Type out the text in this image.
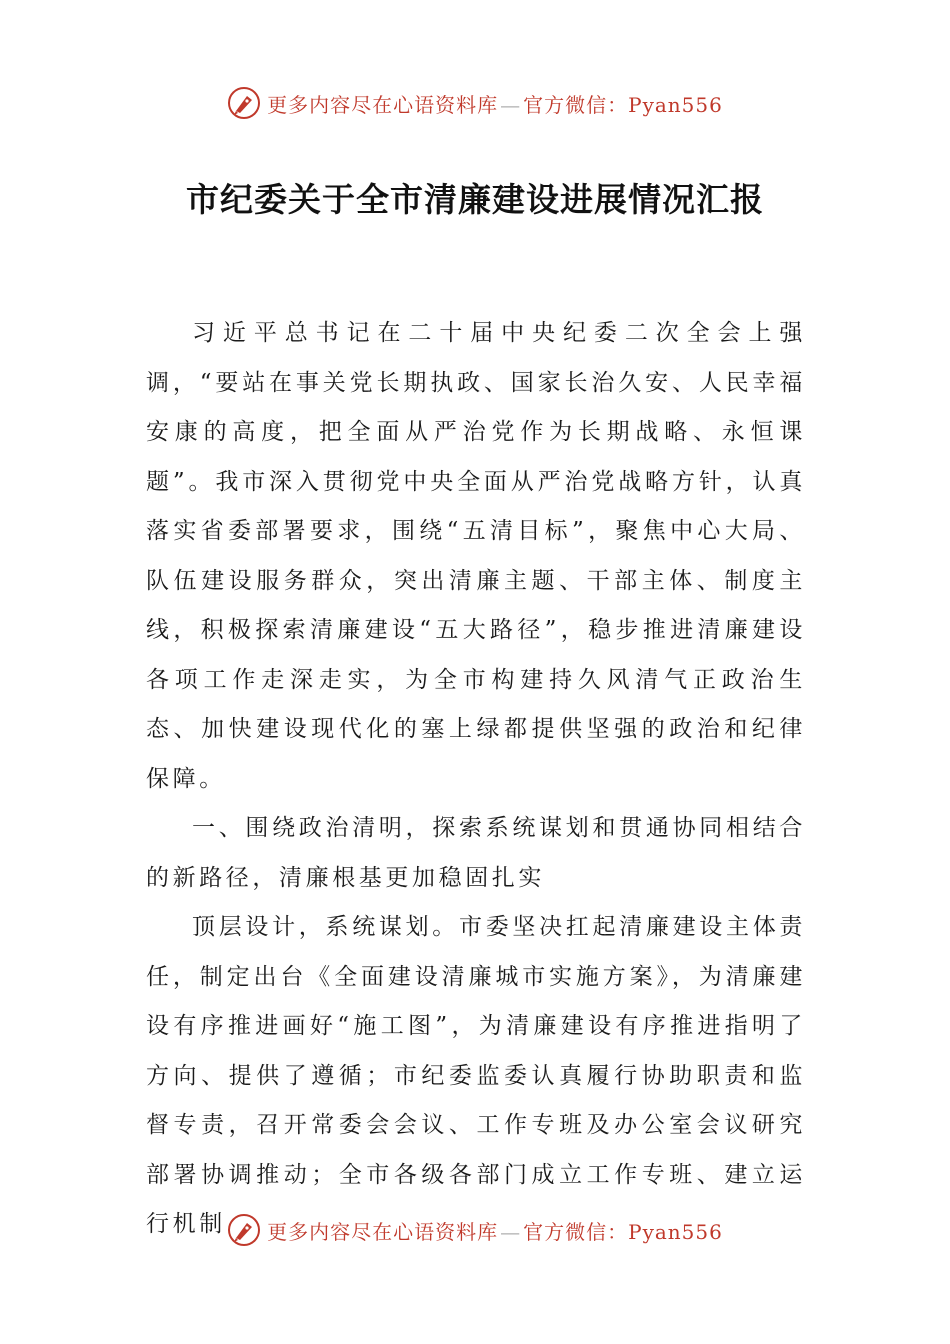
更多内容尽在心语资料库 — 官方微信：Pyan556
市纪委关于全市清廉建设进展情况汇报

习近平总书记在二十届中央纪委二次全会上强调，“要站在事关党长期执政、国家长治久安、人民幸福安康的高度，把全面从严治党作为长期战略、永恒课题”。我市深入贯彻党中央全面从严治党战略方针，认真落实省委部署要求，围绕“五清目标”，聚焦中心大局、队伍建设服务群众，突出清廉主题、干部主体、制度主线，积极探索清廉建设“五大路径”，稳步推进清廉建设各项工作走深走实，为全市构建持久风清气正政治生态、加快建设现代化的塞上绿都提供坚强的政治和纪律保障。

一、围绕政治清明，探索系统谋划和贯通协同相结合的新路径，清廉根基更加稳固扎实

顶层设计，系统谋划。市委坚决扛起清廉建设主体责任，制定出台《全面建设清廉城市实施方案》，为清廉建设有序推进画好“施工图”，为清廉建设有序推进指明了方向、提供了遵循；市纪委监委认真履行协助职责和监督专责，召开常委会会议、工作专班及办公室会议研究部署协调推动；全市各级各部门成立工作专班、建立运行机制	更多内容尽在心语资料库 — 官方微信：Pyan556
